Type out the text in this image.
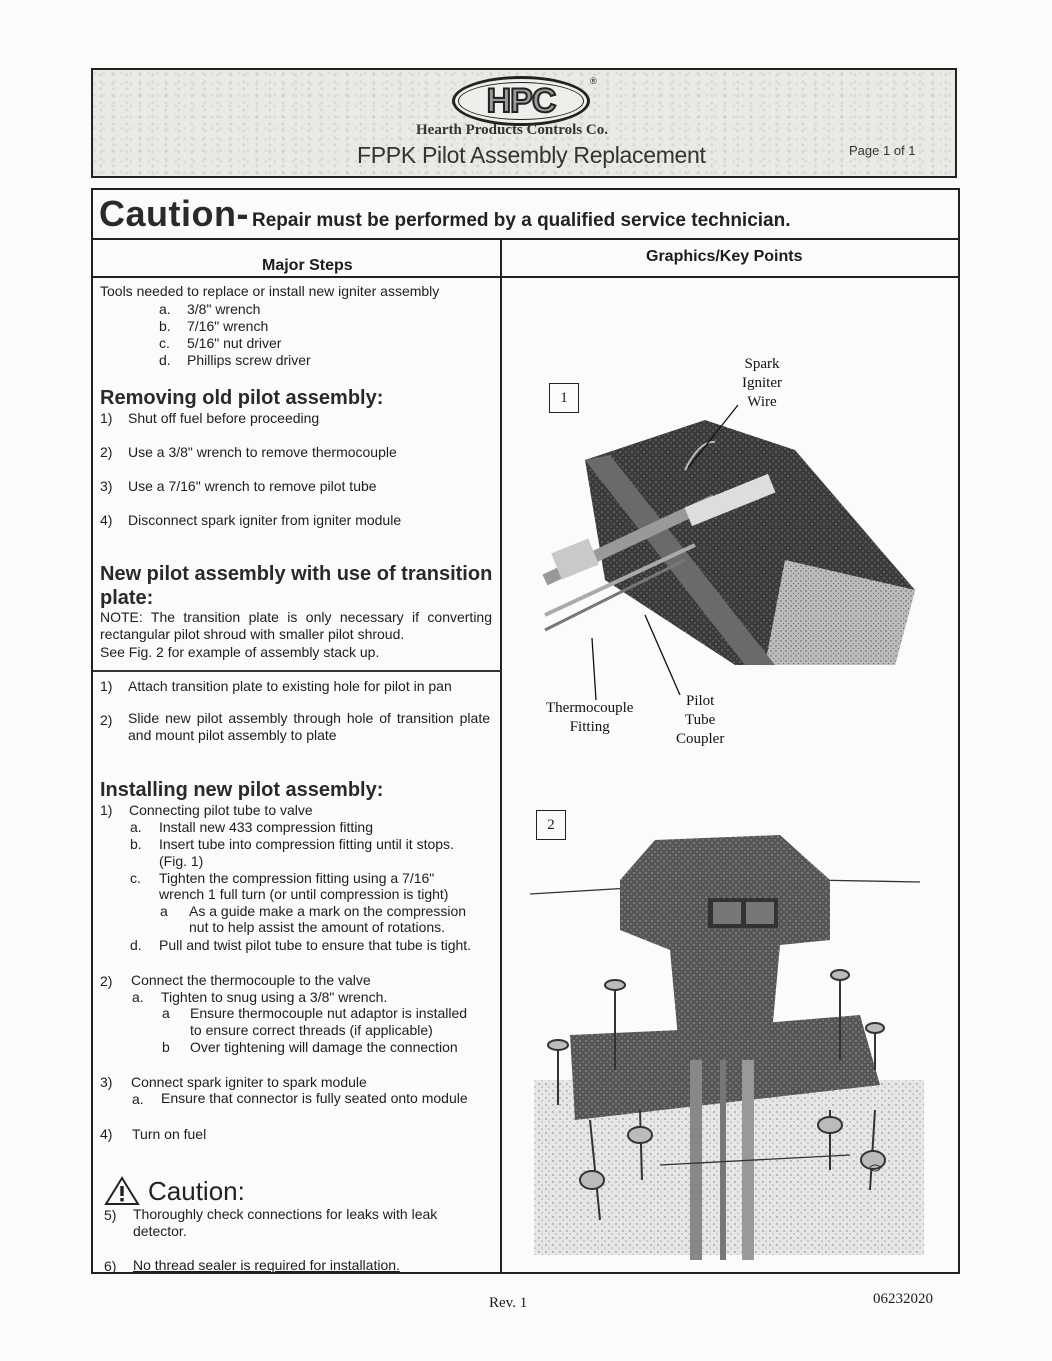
HPC
®
Hearth Products Controls Co.
FPPK Pilot Assembly Replacement	Page 1 of 1
Caution- Repair must be performed by a qualified service technician.
Major Steps
Graphics/Key Points
Tools needed to replace or install new igniter assembly
a. 3/8" wrench
b. 7/16" wrench
c. 5/16" nut driver
d. Phillips screw driver
Removing old pilot assembly:
1) Shut off fuel before proceeding
2) Use a 3/8" wrench to remove thermocouple
3) Use a 7/16" wrench to remove pilot tube
4) Disconnect spark igniter from igniter module
New pilot assembly with use of transition
plate:
NOTE: The transition plate is only necessary if converting rectangular pilot shroud with smaller pilot shroud.
See Fig. 2 for example of assembly stack up.
1) Attach transition plate to existing hole for pilot in pan
2) Slide new pilot assembly through hole of transition plate and mount pilot assembly to plate
Installing new pilot assembly:
1) Connecting pilot tube to valve
a. Install new 433 compression fitting
b. Insert tube into compression fitting until it stops.
(Fig. 1)
c. Tighten the compression fitting using a 7/16"
wrench 1 full turn (or until compression is tight)
a As a guide make a mark on the compression
nut to help assist the amount of rotations.
d. Pull and twist pilot tube to ensure that tube is tight.
2) Connect the thermocouple to the valve
a. Tighten to snug using a 3/8" wrench.
a Ensure thermocouple nut adaptor is installed
to ensure correct threads (if applicable)
b Over tightening will damage the connection
3) Connect spark igniter to spark module
a. Ensure that connector is fully seated onto module
4) Turn on fuel
Caution:
5) Thoroughly check connections for leaks with leak
detector.
6) No thread sealer is required for installation.
1
Spark
Igniter
Wire
Thermocouple
Fitting
Pilot
Tube
Coupler
2
Rev. 1	06232020
